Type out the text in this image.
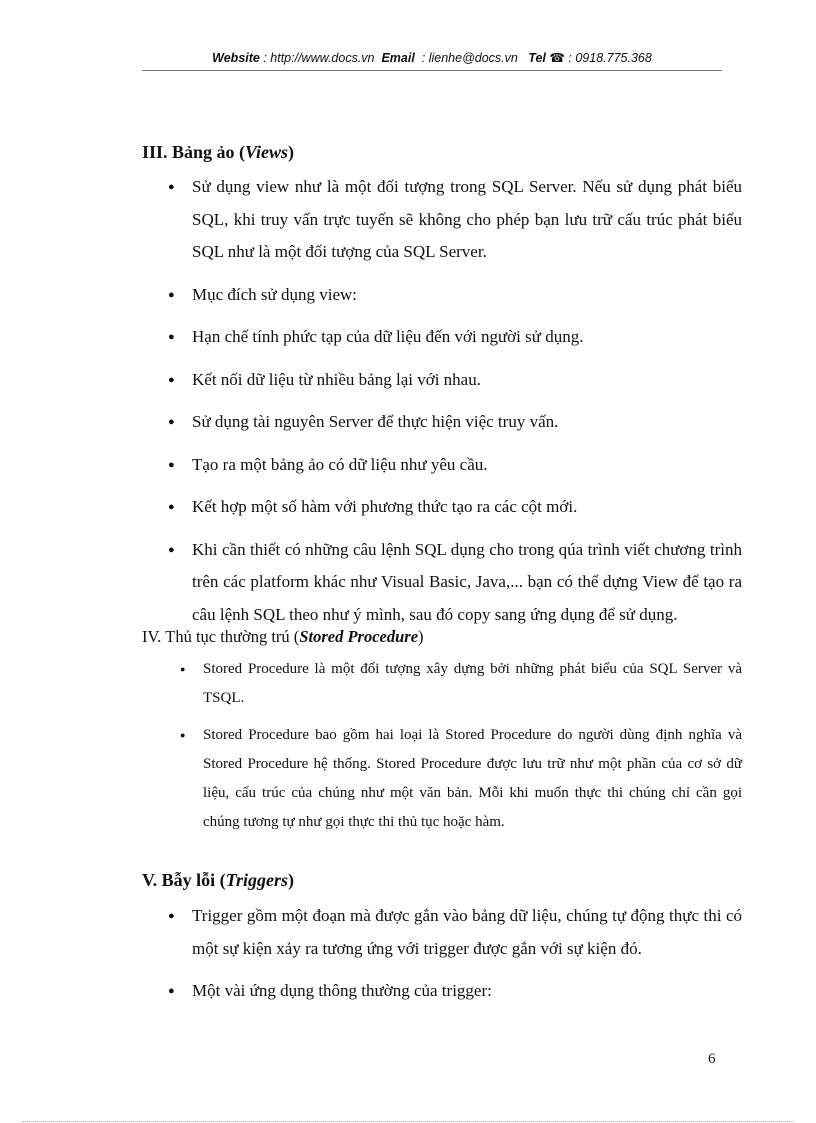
Website : http://www.docs.vn Email : lienhe@docs.vn Tel ☎ : 0918.775.368
III. Bảng ảo (Views)
● Sử dụng view như là một đối tượng trong SQL Server. Nếu sử dụng phát biểu SQL, khi truy vấn trực tuyến sẽ không cho phép bạn lưu trữ cấu trúc phát biểu SQL như là một đối tượng của SQL Server.
● Mục đích sử dụng view:
● Hạn chế tính phức tạp của dữ liệu đến với người sử dụng.
● Kết nối dữ liệu từ nhiều bảng lại với nhau.
● Sử dụng tài nguyên Server để thực hiện việc truy vấn.
● Tạo ra một bảng ảo có dữ liệu như yêu cầu.
● Kết hợp một số hàm với phương thức tạo ra các cột mới.
● Khi cần thiết có những câu lệnh SQL dụng cho trong qúa trình viết chương trình trên các platform khác như Visual Basic, Java,... bạn có thể dựng View để tạo ra câu lệnh SQL theo như ý mình, sau đó copy sang ứng dụng để sử dụng.
IV. Thủ tục thường trú (Stored Procedure)
● Stored Procedure là một đối tượng xây dựng bởi những phát biểu của SQL Server và TSQL.
● Stored Procedure bao gồm hai loại là Stored Procedure do người dùng định nghĩa và Stored Procedure hệ thống. Stored Procedure được lưu trữ như một phần của cơ sở dữ liệu, cấu trúc của chúng như một văn bản. Mỗi khi muốn thực thi chúng chỉ cần gọi chúng tương tự như gọi thực thi thủ tục hoặc hàm.
V. Bẫy lỗi (Triggers)
● Trigger gồm một đoạn mà được gắn vào bảng dữ liệu, chúng tự động thực thi có một sự kiện xảy ra tương ứng với trigger được gắn với sự kiện đó.
● Một vài ứng dụng thông thường của trigger:
6
